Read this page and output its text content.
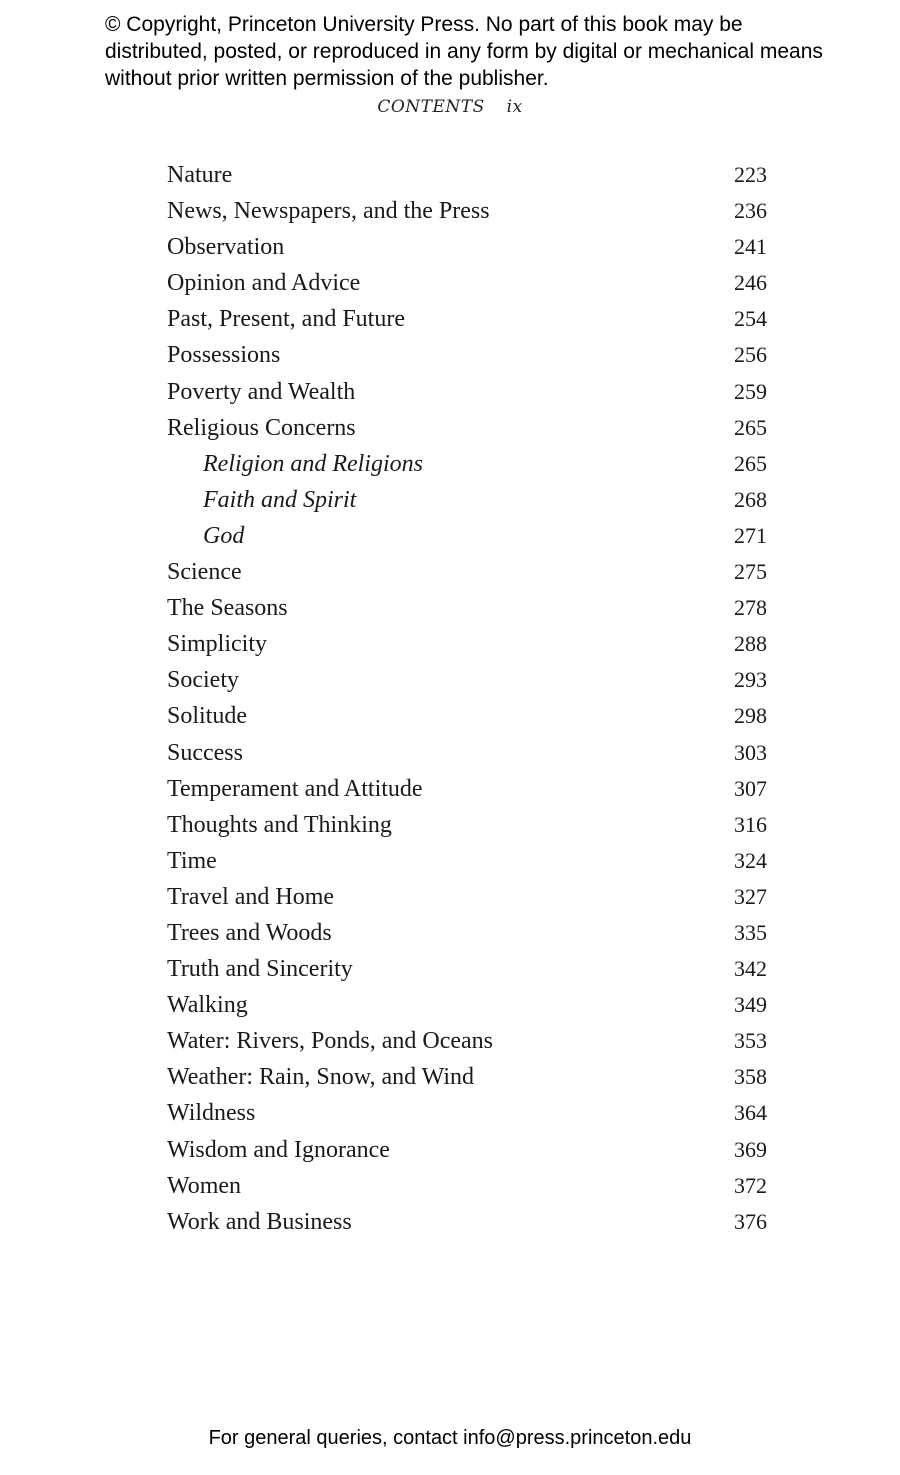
© Copyright, Princeton University Press. No part of this book may be distributed, posted, or reproduced in any form by digital or mechanical means without prior written permission of the publisher.

CONTENTS ix
Nature	223
News, Newspapers, and the Press	236
Observation	241
Opinion and Advice	246
Past, Present, and Future	254
Possessions	256
Poverty and Wealth	259
Religious Concerns	265
Religion and Religions	265
Faith and Spirit	268
God	271
Science	275
The Seasons	278
Simplicity	288
Society	293
Solitude	298
Success	303
Temperament and Attitude	307
Thoughts and Thinking	316
Time	324
Travel and Home	327
Trees and Woods	335
Truth and Sincerity	342
Walking	349
Water: Rivers, Ponds, and Oceans	353
Weather: Rain, Snow, and Wind	358
Wildness	364
Wisdom and Ignorance	369
Women	372
Work and Business	376
For general queries, contact info@press.princeton.edu
